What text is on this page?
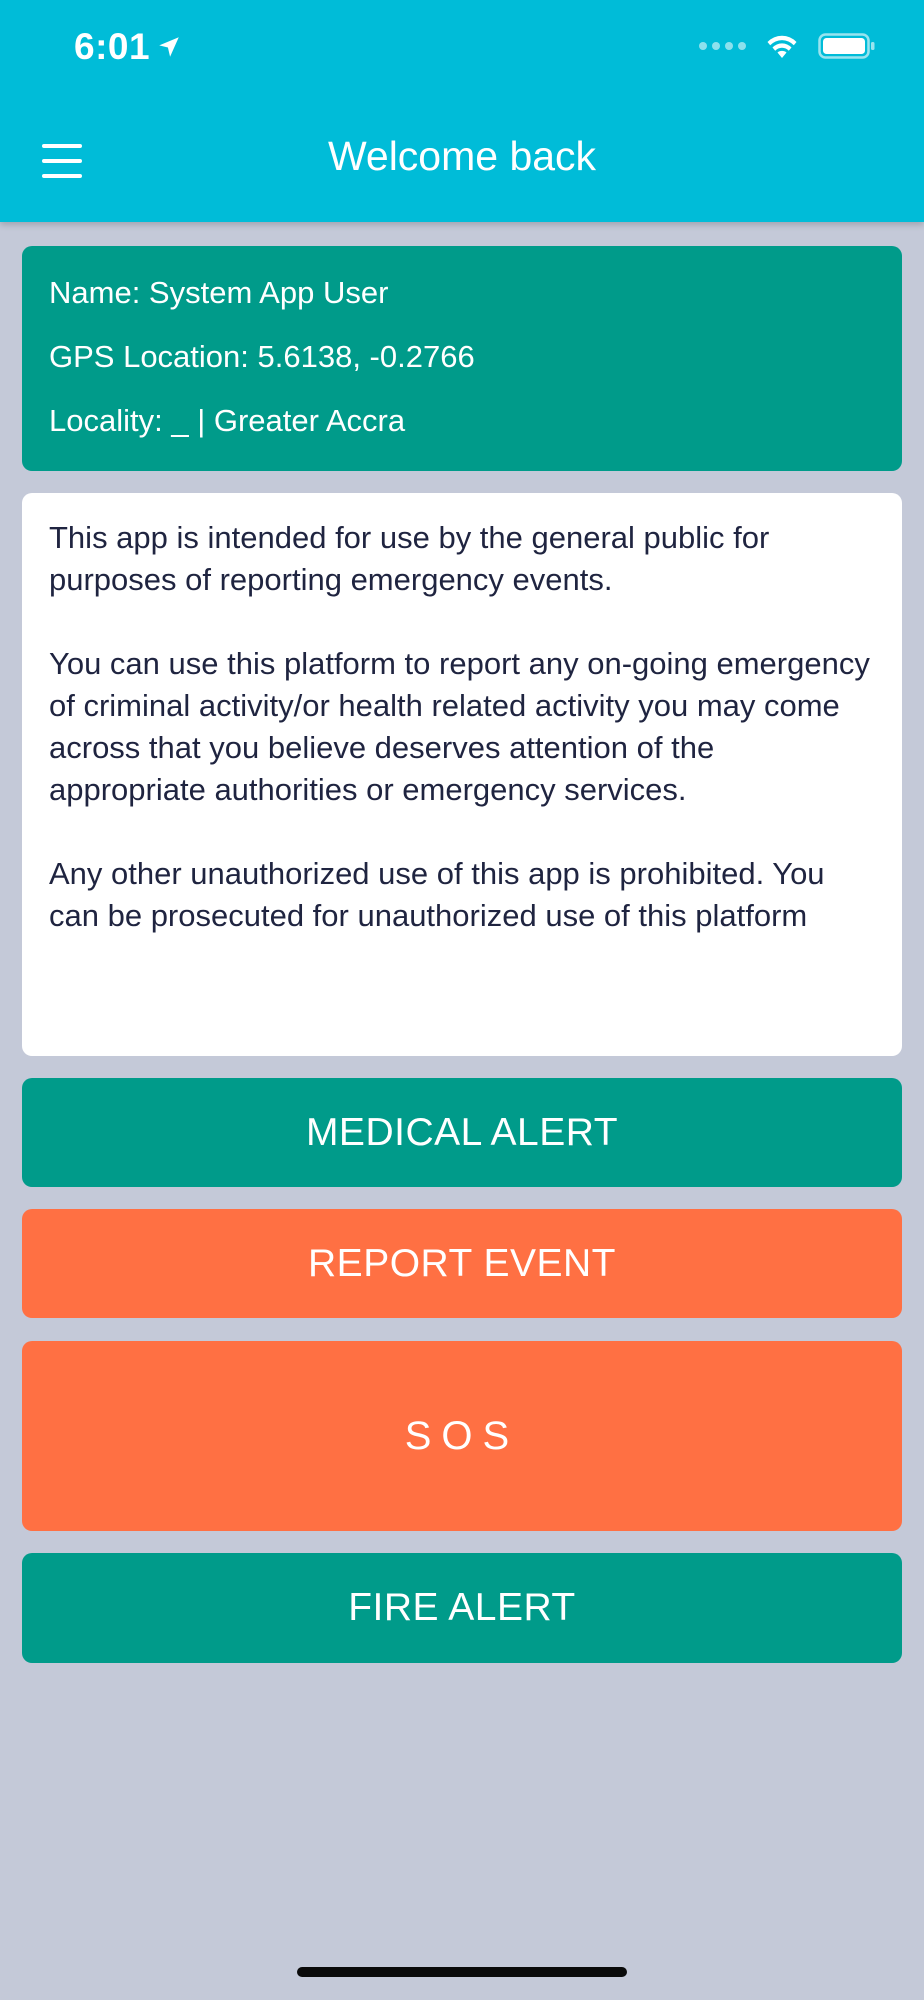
6:01
Welcome back
Name: System App User
GPS Location: 5.6138, -0.2766
Locality: _ | Greater Accra

This app is intended for use by the general public for purposes of reporting emergency events.

You can use this platform to report any on-going emergency of criminal activity/or health related activity you may come across that you believe deserves attention of the appropriate authorities or emergency services.

Any other unauthorized use of this app is prohibited. You can be prosecuted for unauthorized use of this platform

MEDICAL ALERT
REPORT EVENT
SOS
FIRE ALERT
